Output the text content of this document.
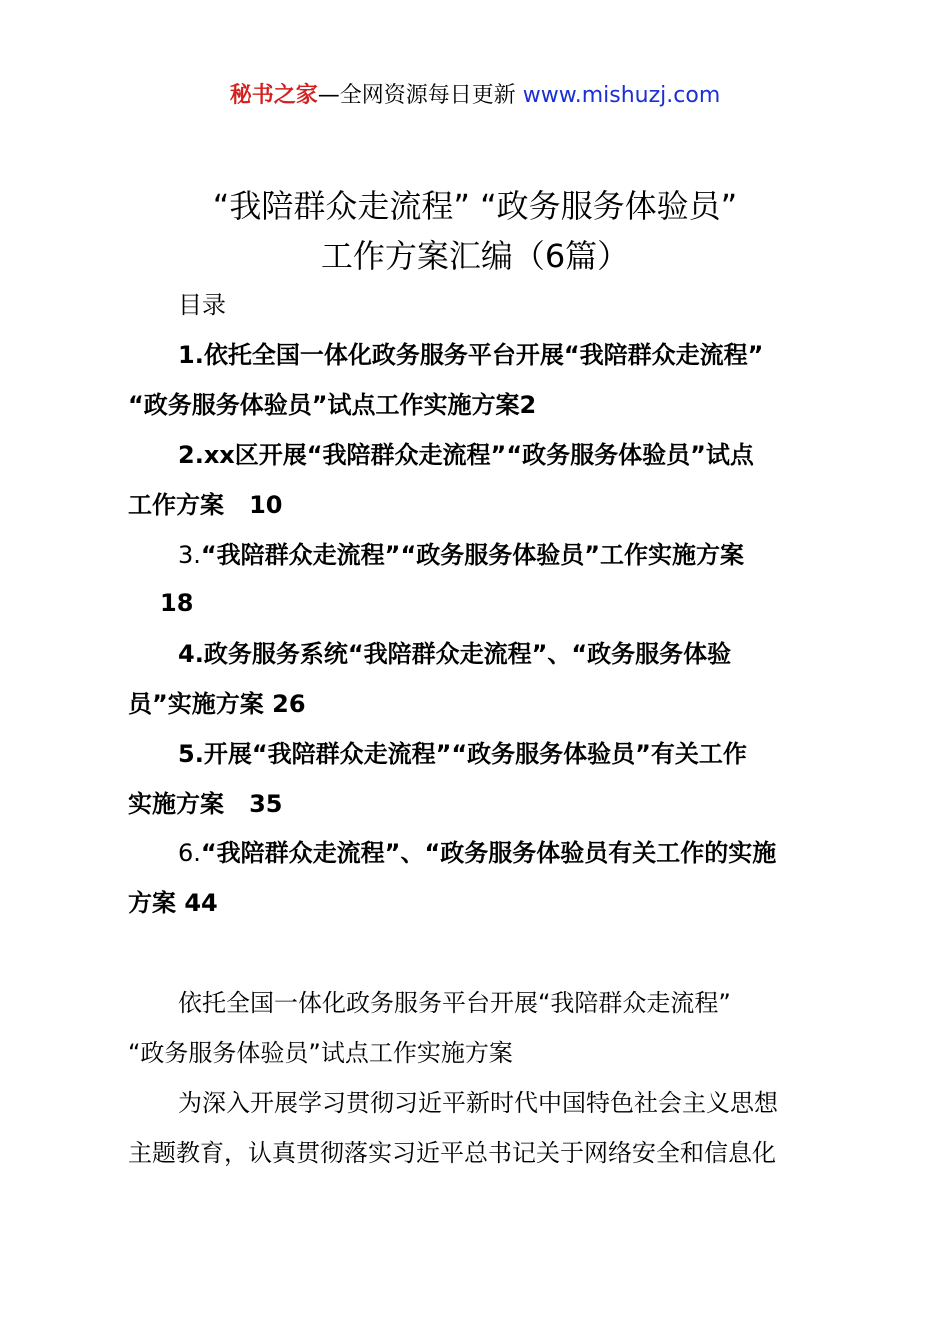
秘书之家—全网资源每日更新 www.mishuzj.com
“我陪群众走流程” “政务服务体验员”
工作方案汇编（6篇）
目录
1.依托全国一体化政务服务平台开展“我陪群众走流程”
“政务服务体验员”试点工作实施方案2
2.xx区开展“我陪群众走流程”“政务服务体验员”试点
工作方案   10
3.“我陪群众走流程”“政务服务体验员”工作实施方案
18
4.政务服务系统“我陪群众走流程”、“政务服务体验
员”实施方案 26
5.开展“我陪群众走流程”“政务服务体验员”有关工作
实施方案   35
6.“我陪群众走流程”、“政务服务体验员有关工作的实施
方案 44
依托全国一体化政务服务平台开展“我陪群众走流程”
“政务服务体验员”试点工作实施方案
为深入开展学习贯彻习近平新时代中国特色社会主义思想
主题教育，认真贯彻落实习近平总书记关于网络安全和信息化
